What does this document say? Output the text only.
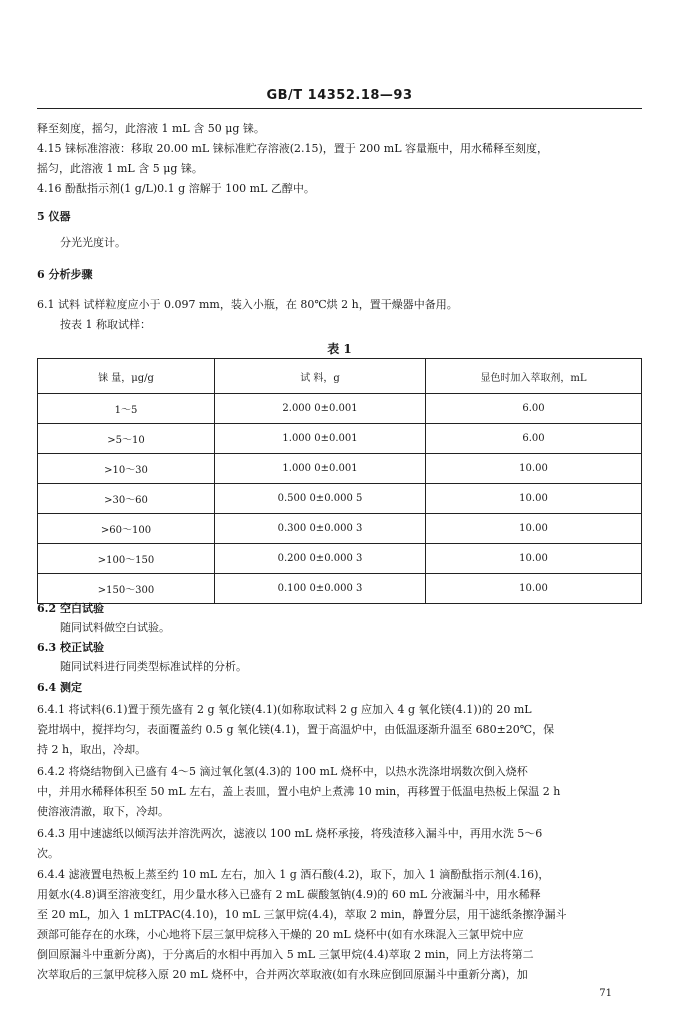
GB/T 14352.18—93
释至刻度，摇匀，此溶液 1 mL 含 50 μg 铼。
4.15 铼标准溶液：移取 20.00 mL 铼标准贮存溶液(2.15)，置于 200 mL 容量瓶中，用水稀释至刻度，
摇匀，此溶液 1 mL 含 5 μg 铼。
4.16 酚酞指示剂(1 g/L)0.1 g 溶解于 100 mL 乙醇中。
5 仪器
分光光度计。
6 分析步骤
6.1 试料 试样粒度应小于 0.097 mm，装入小瓶，在 80℃烘 2 h，置干燥器中备用。
按表 1 称取试样：
表 1
铼 量，μg/g	试 料，g	显色时加入萃取剂，mL
1～5	2.000 0±0.001	6.00
>5～10	1.000 0±0.001	6.00
>10～30	1.000 0±0.001	10.00
>30～60	0.500 0±0.000 5	10.00
>60～100	0.300 0±0.000 3	10.00
>100～150	0.200 0±0.000 3	10.00
>150～300	0.100 0±0.000 3	10.00
6.2 空白试验
随同试料做空白试验。
6.3 校正试验
随同试料进行同类型标准试样的分析。
6.4 测定
6.4.1 将试料(6.1)置于预先盛有 2 g 氧化镁(4.1)(如称取试料 2 g 应加入 4 g 氧化镁(4.1))的 20 mL
瓷坩埚中，搅拌均匀，表面覆盖约 0.5 g 氧化镁(4.1)，置于高温炉中，由低温逐渐升温至 680±20℃，保
持 2 h，取出，冷却。
6.4.2 将烧结物倒入已盛有 4～5 滴过氧化氢(4.3)的 100 mL 烧杯中，以热水洗涤坩埚数次倒入烧杯
中，并用水稀释体积至 50 mL 左右，盖上表皿，置小电炉上煮沸 10 min，再移置于低温电热板上保温 2 h
使溶液清澈，取下，冷却。
6.4.3 用中速滤纸以倾泻法并溶洗两次，滤液以 100 mL 烧杯承接，将残渣移入漏斗中，再用水洗 5～6
次。
6.4.4 滤液置电热板上蒸至约 10 mL 左右，加入 1 g 酒石酸(4.2)，取下，加入 1 滴酚酞指示剂(4.16)，
用氨水(4.8)调至溶液变红，用少量水移入已盛有 2 mL 碳酸氢钠(4.9)的 60 mL 分液漏斗中，用水稀释
至 20 mL，加入 1 mLTPAC(4.10)，10 mL 三氯甲烷(4.4)，萃取 2 min，静置分层，用干滤纸条擦净漏斗
颈部可能存在的水珠，小心地将下层三氯甲烷移入干燥的 20 mL 烧杯中(如有水珠混入三氯甲烷中应
倒回原漏斗中重新分离)，于分离后的水相中再加入 5 mL 三氯甲烷(4.4)萃取 2 min，同上方法将第二
次萃取后的三氯甲烷移入原 20 mL 烧杯中，合并两次萃取液(如有水珠应倒回原漏斗中重新分离)，加
71
